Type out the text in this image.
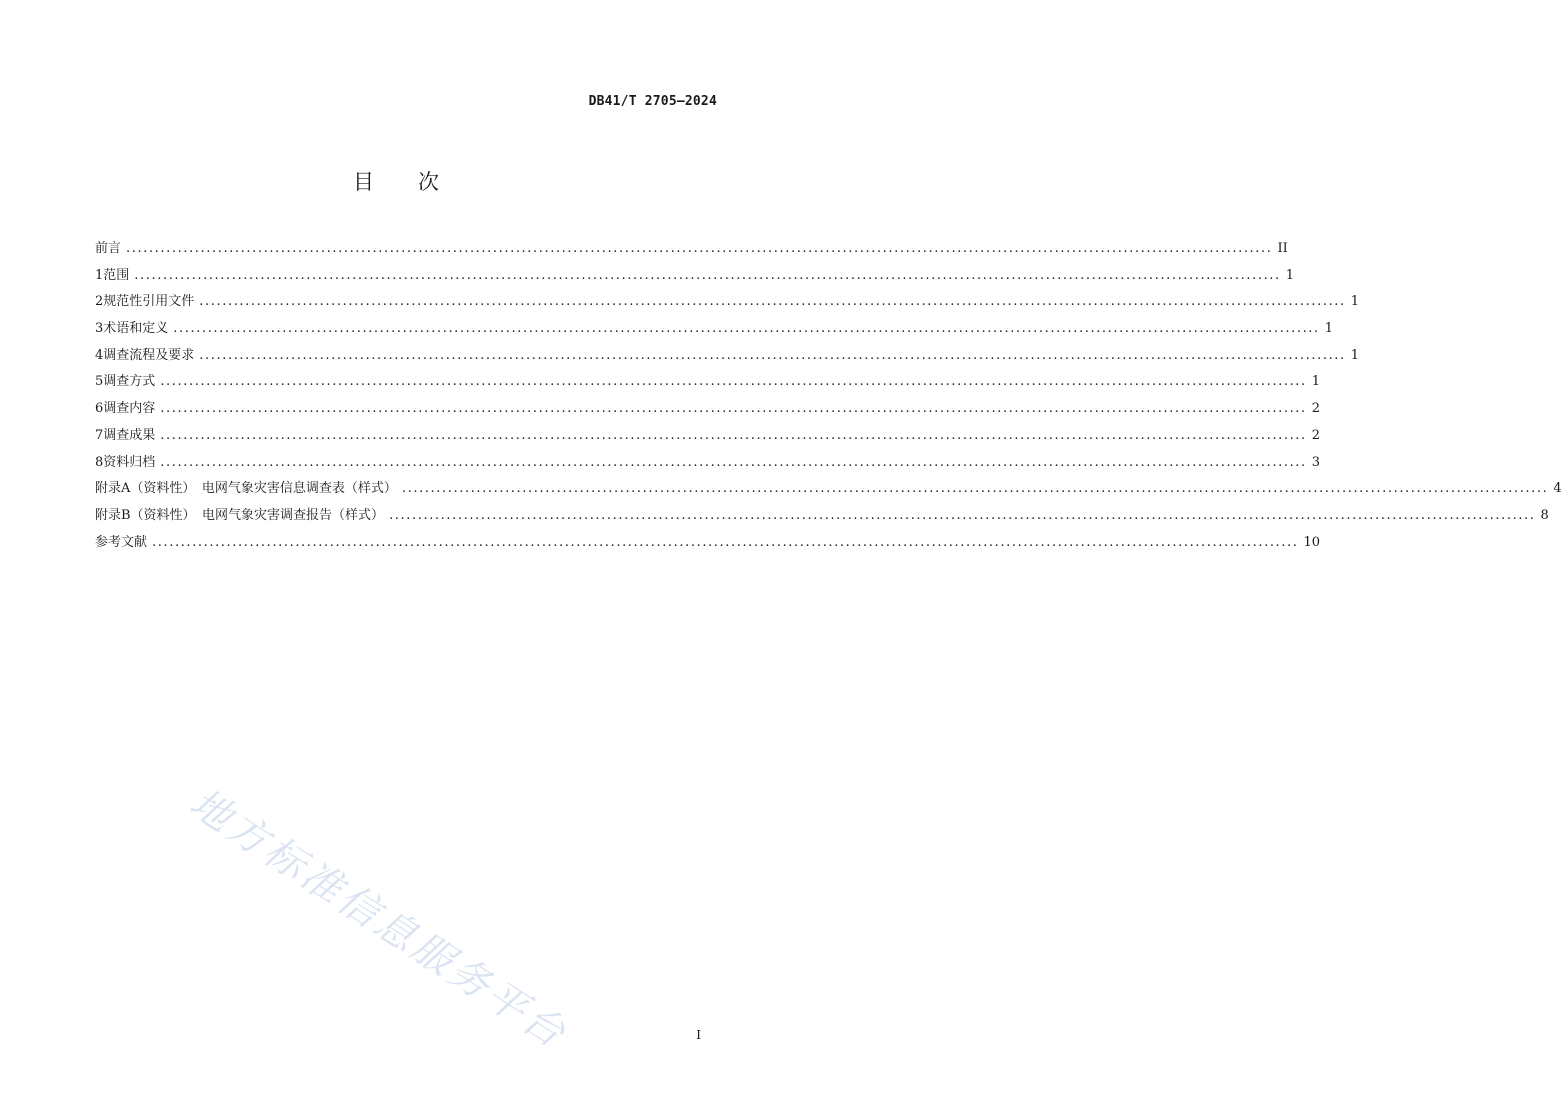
DB41/T 2705—2024
目次
前言 ........................................................................................................................................................................................................ II
1 范围 ........................................................................................................................................................................................................ 1
2 规范性引用文件 ........................................................................................................................................................................................................ 1
3 术语和定义 ........................................................................................................................................................................................................ 1
4 调查流程及要求 ........................................................................................................................................................................................................ 1
5 调查方式 ........................................................................................................................................................................................................ 1
6 调查内容 ........................................................................................................................................................................................................ 2
7 调查成果 ........................................................................................................................................................................................................ 2
8 资料归档 ........................................................................................................................................................................................................ 3
附录A（资料性）　电网气象灾害信息调查表（样式） ........................................................................................................................................................................................................ 4
附录B（资料性）　电网气象灾害调查报告（样式） ........................................................................................................................................................................................................ 8
参考文献 ........................................................................................................................................................................................................ 10
地方标准信息服务平台	I
